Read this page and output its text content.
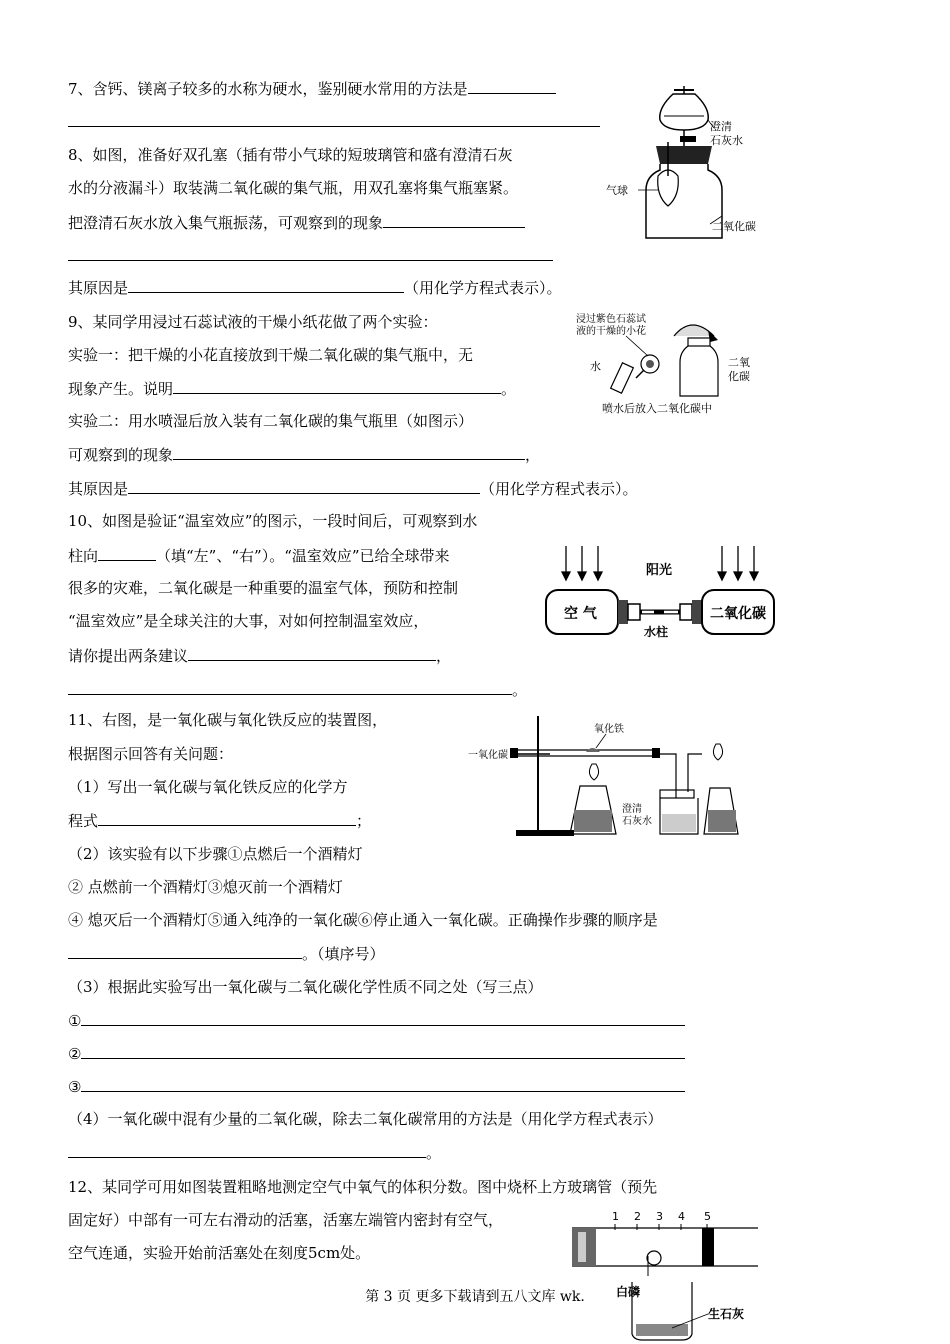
7、含钙、镁离子较多的水称为硬水，鉴别硬水常用的方法是
8、如图，准备好双孔塞（插有带小气球的短玻璃管和盛有澄清石灰
水的分液漏斗）取装满二氧化碳的集气瓶，用双孔塞将集气瓶塞紧。
把澄清石灰水放入集气瓶振荡，可观察到的现象
其原因是	（用化学方程式表示）。
澄清
石灰水
气球
二氧化碳
9、某同学用浸过石蕊试液的干燥小纸花做了两个实验：
实验一：把干燥的小花直接放到干燥二氧化碳的集气瓶中，无
现象产生。说明	。
实验二：用水喷湿后放入装有二氧化碳的集气瓶里（如图示）
可观察到的现象	，
其原因是	（用化学方程式表示）。
浸过紫色石蕊试
液的干燥的小花
水	二氧
化碳
喷水后放入二氧化碳中
10、如图是验证“温室效应”的图示，一段时间后，可观察到水
柱向	（填“左”、“右”）。“温室效应”已给全球带来
很多的灾难，二氧化碳是一种重要的温室气体，预防和控制
“温室效应”是全球关注的大事，对如何控制温室效应，
请你提出两条建议	，
。
阳光
空 气	二氧化碳
水柱
11、右图，是一氧化碳与氧化铁反应的装置图，
根据图示回答有关问题：
（1）写出一氧化碳与氧化铁反应的化学方
程式	；
（2）该实验有以下步骤①点燃后一个酒精灯
② 点燃前一个酒精灯③熄灭前一个酒精灯
④ 熄灭后一个酒精灯⑤通入纯净的一氧化碳⑥停止通入一氧化碳。正确操作步骤的顺序是
。（填序号）
（3）根据此实验写出一氧化碳与二氧化碳化学性质不同之处（写三点）
①
②
③
（4）一氧化碳中混有少量的二氧化碳，除去二氧化碳常用的方法是（用化学方程式表示）
。
一氧化碳
氧化铁
澄清
石灰水
12、某同学可用如图装置粗略地测定空气中氧气的体积分数。图中烧杯上方玻璃管（预先
固定好）中部有一可左右滑动的活塞，活塞左端管内密封有空气，
空气连通，实验开始前活塞处在刻度5cm处。
1 2 3 4 5
白磷
生石灰
第 3 页 更多下载请到五八文库 wk.
